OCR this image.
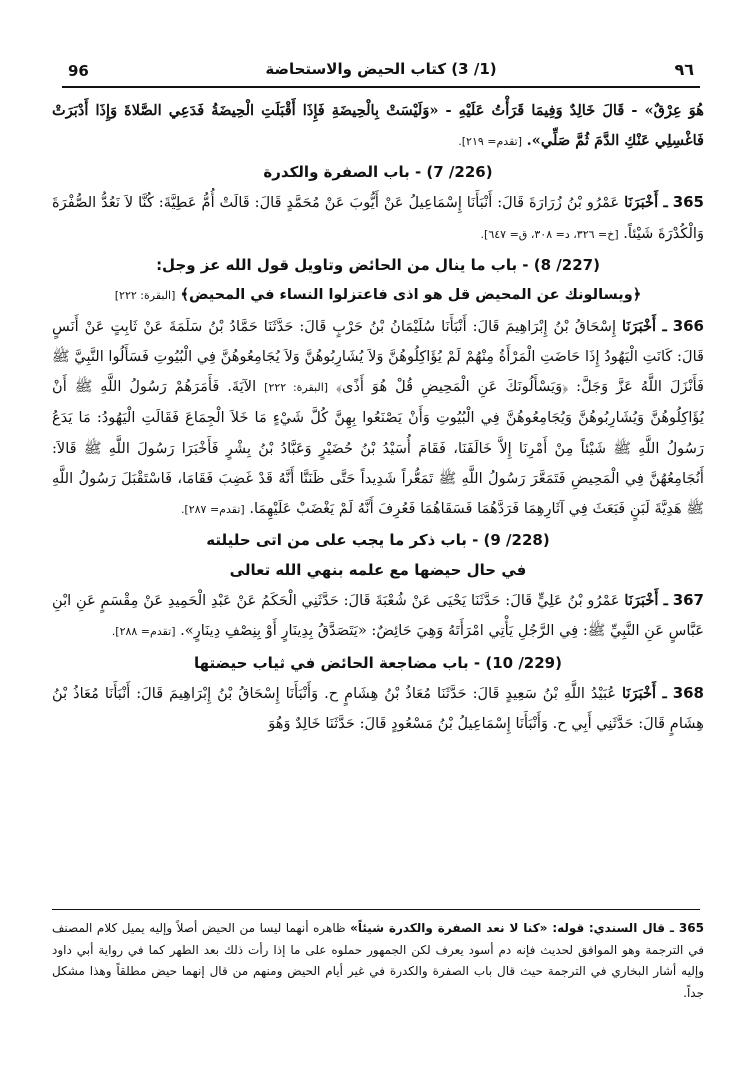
96	(1/ 3) كتاب الحيض والاستحاضة	٩٦

هُوَ عِرْقٌ» - قَالَ خَالِدٌ وَفِيمَا قَرَأْتُ عَلَيْهِ - «وَلَيْسَتْ بِالْحِيضَةِ فَإِذَا أَقْبَلَتِ الْحِيضَةُ فَدَعِي الصَّلاةَ وَإِذَا أَدْبَرَتْ فَاغْسِلِي عَنْكِ الدَّمَ ثُمَّ صَلِّي». [تقدم= ٢١٩].

(226/ 7) - باب الصفرة والكدرة

365 ـ أَخْبَرَنَا عَمْرُو بْنُ زُرَارَةَ قَالَ: أَنْبَأَنَا إِسْمَاعِيلُ عَنْ أَيُّوبَ عَنْ مُحَمَّدٍ قَالَ: قَالَتْ أُمُّ عَطِيَّةَ: كُنَّا لاَ نَعُدُّ الصُّفْرَةَ وَالْكُدْرَةَ شَيْئاً. [خ= ٣٢٦، د= ٣٠٨، ق= ٦٤٧].

(227/ 8) - باب ما ينال من الحائض وتاويل قول الله عز وجل:

﴿ويسالونك عن المحيض قل هو اذى فاعتزلوا النساء في المحيض﴾ [البقرة: ٢٢٢]

366 ـ أَخْبَرَنَا إِسْحَاقُ بْنُ إِبْرَاهِيمَ قَالَ: أَنْبَأَنَا سُلَيْمَانُ بْنُ حَرْبٍ قَالَ: حَدَّثَنَا حَمَّادُ بْنُ سَلَمَةَ عَنْ ثَابِتٍ عَنْ أَنَسٍ قَالَ: كَانَتِ الْيَهُودُ إِذَا حَاضَتِ الْمَرْأَةُ مِنْهُمْ لَمْ يُؤَاكِلُوهُنَّ وَلاَ يُشَارِبُوهُنَّ وَلاَ يُجَامِعُوهُنَّ فِي الْبُيُوتِ فَسَأَلُوا النَّبِيَّ ﷺ فَأَنْزَلَ اللَّهُ عَزَّ وَجَلَّ: ﴿وَيَسْأَلُونَكَ عَنِ الْمَحِيضِ قُلْ هُوَ أَذًى﴾ [البقرة: ٢٢٢] الآيَةَ. فَأَمَرَهُمْ رَسُولُ اللَّهِ ﷺ أَنْ يُؤَاكِلُوهُنَّ وَيُشَارِبُوهُنَّ وَيُجَامِعُوهُنَّ فِي الْبُيُوتِ وَأَنْ يَصْنَعُوا بِهِنَّ كُلَّ شَيْءٍ مَا خَلاَ الْجِمَاعَ فَقَالَتِ الْيَهُودُ: مَا يَدَعُ رَسُولُ اللَّهِ ﷺ شَيْئاً مِنْ أَمْرِنَا إِلاَّ خَالَفَنَا، فَقَامَ أُسَيْدُ بْنُ حُضَيْرٍ وَعَبَّادُ بْنُ بِشْرٍ فَأَخْبَرَا رَسُولَ اللَّهِ ﷺ قَالاَ: أَنُجَامِعُهُنَّ فِي الْمَحِيضِ فَتَمَعَّرَ رَسُولُ اللَّهِ ﷺ تَمَعُّراً شَدِيداً حَتَّى ظَنَنَّا أَنَّهُ قَدْ غَضِبَ فَقَامَا، فَاسْتَقْبَلَ رَسُولُ اللَّهِ ﷺ هَدِيَّةَ لَبَنٍ فَبَعَثَ فِي آثَارِهِمَا فَرَدَّهُمَا فَسَقَاهُمَا فَعُرِفَ أَنَّهُ لَمْ يَغْضَبْ عَلَيْهِمَا. [تقدم= ٢٨٧].

(228/ 9) - باب ذكر ما يجب على من اتى حليلته

في حال حيضها مع علمه بنهي الله تعالى

367 ـ أَخْبَرَنَا عَمْرُو بْنُ عَلِيٍّ قَالَ: حَدَّثَنَا يَحْيَى عَنْ شُعْبَةَ قَالَ: حَدَّثَنِي الْحَكَمُ عَنْ عَبْدِ الْحَمِيدِ عَنْ مِقْسَمٍ عَنِ ابْنِ عَبَّاسٍ عَنِ النَّبِيِّ ﷺ: فِي الرَّجُلِ يَأْتِي امْرَأَتَهُ وَهِيَ حَائِضٌ: «يَتَصَدَّقُ بِدِينَارٍ أَوْ بِنِصْفِ دِينَارٍ». [تقدم= ٢٨٨].

(229/ 10) - باب مضاجعة الحائض في ثياب حيضتها

368 ـ أَخْبَرَنَا عُبَيْدُ اللَّهِ بْنُ سَعِيدٍ قَالَ: حَدَّثَنَا مُعَاذُ بْنُ هِشَامٍ ح. وَأَنْبَأَنَا إِسْحَاقُ بْنُ إِبْرَاهِيمَ قَالَ: أَنْبَأَنَا مُعَاذُ بْنُ هِشَامٍ قَالَ: حَدَّثَنِي أَبِي ح. وَأَنْبَأَنَا إِسْمَاعِيلُ بْنُ مَسْعُودٍ قَالَ: حَدَّثَنَا خَالِدٌ وَهُوَ

365 ـ قال السندي: قوله: «كنا لا نعد الصفرة والكدرة شيئاً» ظاهره أنهما ليسا من الحيض أصلاً وإليه يميل كلام المصنف في الترجمة وهو الموافق لحديث فإنه دم أسود يعرف لكن الجمهور حملوه على ما إذا رأت ذلك بعد الطهر كما في رواية أبي داود وإليه أشار البخاري في الترجمة حيث قال باب الصفرة والكدرة في غير أيام الحيض ومنهم من قال إنهما حيض مطلقاً وهذا مشكل جداً.
